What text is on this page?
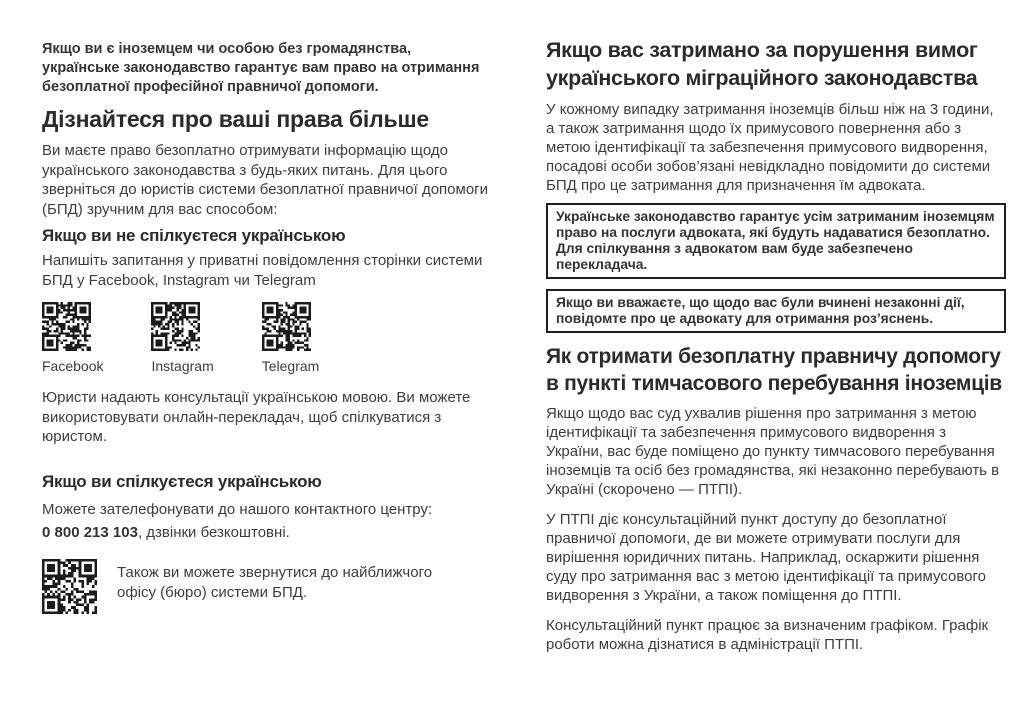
Якщо ви є іноземцем чи особою без громадянства, українське законодавство гарантує вам право на отримання безоплатної професійної правничої допомоги.

Дізнайтеся про ваші права більше

Ви маєте право безоплатно отримувати інформацію щодо українського законодавства з будь-яких питань. Для цього зверніться до юристів системи безоплатної правничої допомоги (БПД) зручним для вас способом:

Якщо ви не спілкуєтеся українською

Напишіть запитання у приватні повідомлення сторінки системи БПД у Facebook, Instagram чи Telegram

Facebook	Instagram	Telegram

Юристи надають консультації українською мовою. Ви можете використовувати онлайн-перекладач, щоб спілкуватися з юристом.

Якщо ви спілкуєтеся українською

Можете зателефонувати до нашого контактного центру:

0 800 213 103, дзвінки безкоштовні.

Також ви можете звернутися до найближчого офісу (бюро) системи БПД.

Якщо вас затримано за порушення вимог українського міграційного законодавства

У кожному випадку затримання іноземців більш ніж на 3 години, а також затримання щодо їх примусового повернення або з метою ідентифікації та забезпечення примусового видворення, посадові особи зобов’язані невідкладно повідомити до системи БПД про це затримання для призначення їм адвоката.

Українське законодавство гарантує усім затриманим іноземцям право на послуги адвоката, які будуть надаватися безоплатно. Для спілкування з адвокатом вам буде забезпечено перекладача.

Якщо ви вважаєте, що щодо вас були вчинені незаконні дії, повідомте про це адвокату для отримання роз’яснень.

Як отримати безоплатну правничу допомогу в пункті тимчасового перебування іноземців

Якщо щодо вас суд ухвалив рішення про затримання з метою ідентифікації та забезпечення примусового видворення з України, вас буде поміщено до пункту тимчасового перебування іноземців та осіб без громадянства, які незаконно перебувають в Україні (скорочено — ПТПІ).

У ПТПІ діє консультаційний пункт доступу до безоплатної правничої допомоги, де ви можете отримувати послуги для вирішення юридичних питань. Наприклад, оскаржити рішення суду про затримання вас з метою ідентифікації та примусового видворення з України, а також поміщення до ПТПІ.

Консультаційний пункт працює за визначеним графіком. Графік роботи можна дізнатися в адміністрації ПТПІ.
